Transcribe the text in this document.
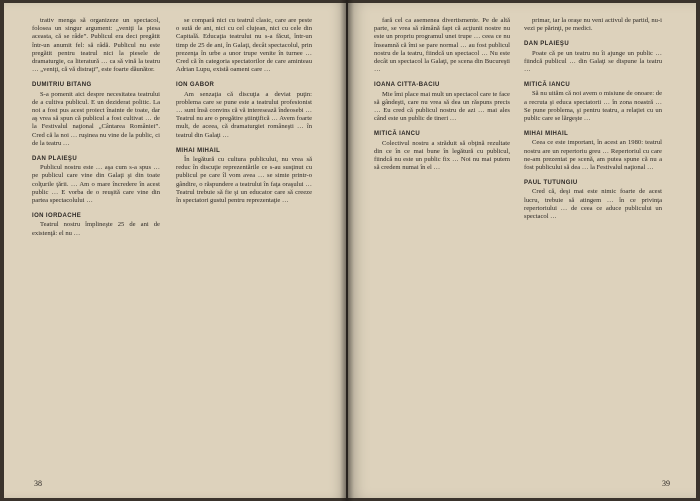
trativ menga să organizeze un spectacol, folosea un singur argument: „veniţi la piesa aceasta, că se râde”. Publicul era deci pregătit într-un anumit fel: să râdă. Publicul nu este pregătit pentru teatrul nici la piesele de dramaturgie, ca literatură … ca să vină la teatru … „veniţi, că vă distraţi”, este foarte dăunător.
DUMITRIU BITANG
S-a pomenit aici despre necesitatea teatrului de a cultiva publicul. E un deziderat politic. La noi a fost pus acest proiect înainte de toate, dar aş vrea să spun că publicul a fost cultivat … de la Festivalul naţional „Cântarea României”. Cred că la noi … ruşinea nu vine de la public, ci de la teatru …
DAN PLAIEŞU
Publicul nostru este … aşa cum s-a spus … pe publicul care vine din Galaţi şi din toate colţurile ţării. … Am o mare încredere în acest public … E vorba de o reuşită care vine din partea spectacolului …
ION IORDACHE
Teatrul nostru împlineşte 25 de ani de existenţă: el nu …
se compară nici cu teatrul clasic, care are peste o sută de ani, nici cu cel clujean, nici cu cele din Capitală. Educaţia teatrului nu s-a făcut, într-un timp de 25 de ani, în Galaţi, decât spectacolul, prin prezenţa în urbe a unor trupe venite în turnee … Cred că în categoria spectatorilor de care aminteau Adrian Lupu, există oameni care …
ION GABOR
Am senzaţia că discuţia a deviat puţin: problema care se pune este a teatrului profesionist … sunt însă convins că vă interesează îndeosebi … Teatrul nu are o pregătire ştiinţifică … Avem foarte mult, de aceea, că dramaturgiei româneşti … în teatrul din Galaţi …
MIHAI MIHAIL
În legătură cu cultura publicului, nu vrea să reduc în discuţie reprezentările ce s-au susţinut cu publicul pe care îl vom avea … se simte printr-o gândire, o răspundere a teatrului în faţa oraşului … Teatrul trebuie să fie şi un educator care să creeze în spectatori gustul pentru reprezentaţie …
38
fară cel ca asemenea divertismente. Pe de altă parte, se vrea să rămână fapt că acţiunii nostre nu este un propriu programul unei trupe … ceea ce nu înseamnă că îmi se pare normal … au fost publicul nostru de la teatru, fiindcă un spectacol … Nu este decât un spectacol la Galaţi, pe scena din Bucureşti …
IOANA CITTA-BACIU
Mie îmi place mai mult un spectacol care te face să gândeşti, care nu vrea să dea un răspuns precis … Eu cred că publicul nostru de azi … mai ales când este un public de tineri …
MITICĂ IANCU
Colectivul nostru a străduit să obţină rezultate din ce în ce mai bune în legătură cu publicul, fiindcă nu este un public fix … Noi nu mai putem să credem numai în el …
primar, iar la oraşe nu veni activul de partid, nu-i vezi pe părinţi, pe medici.
DAN PLAIEŞU
Poate că pe un teatru nu îi ajunge un public … fiindcă publicul … din Galaţi se dispune la teatru …
MITICĂ IANCU
Să nu uităm că noi avem o misiune de onoare: de a recruta şi educa spectatorii … în zona noastră … Se pune problema, şi pentru teatru, a relaţiei cu un public care se lărgeşte …
MIHAI MIHAIL
Ceea ce este important, în acest an 1980: teatrul nostru are un repertoriu greu … Repertoriul cu care ne-am prezentat pe scenă, am putea spune că nu a fost publicului să dea … la Festivalul naţional …
PAUL TUTUNGIU
Cred că, deşi mai este nimic foarte de acest lucru, trebuie să atingem … în ce privinţa repertoriului … de ceea ce aduce publicului un spectacol …
39
